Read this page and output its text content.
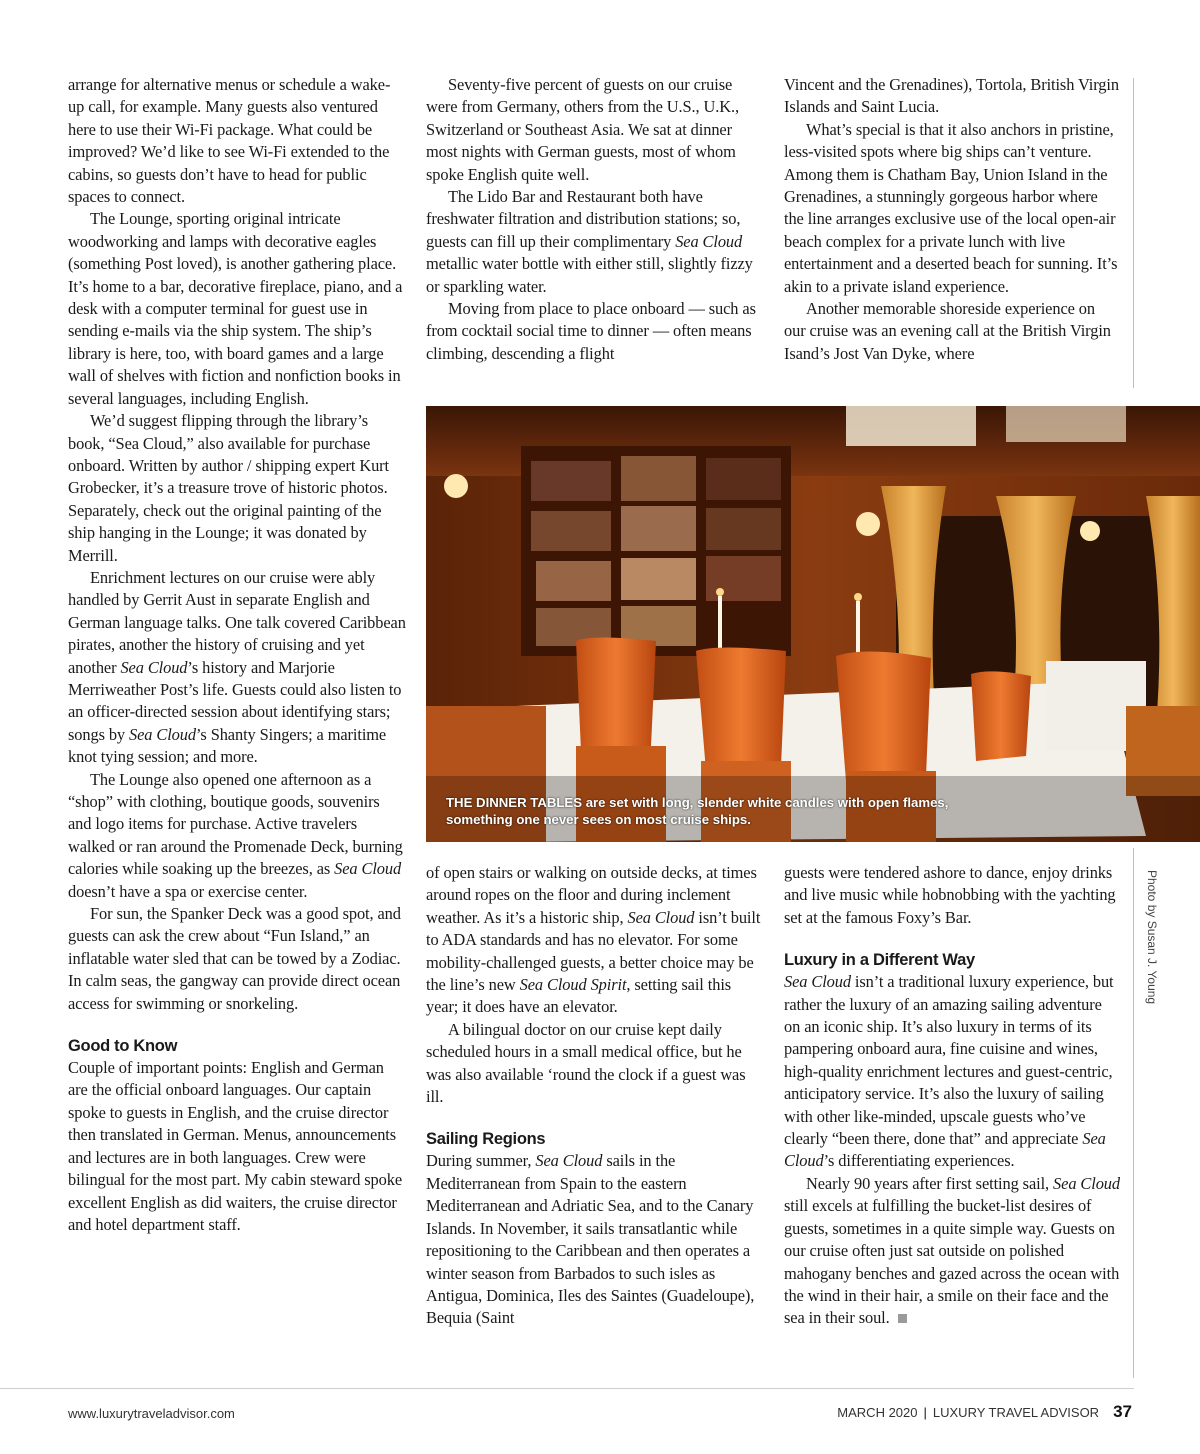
arrange for alternative menus or schedule a wake-up call, for example. Many guests also ventured here to use their Wi-Fi package. What could be improved? We’d like to see Wi-Fi extended to the cabins, so guests don’t have to head for public spaces to connect.

The Lounge, sporting original intricate woodworking and lamps with decorative eagles (something Post loved), is another gathering place. It’s home to a bar, decorative fireplace, piano, and a desk with a computer terminal for guest use in sending e-mails via the ship system. The ship’s library is here, too, with board games and a large wall of shelves with fiction and nonfiction books in several languages, including English.

We’d suggest flipping through the library’s book, “Sea Cloud,” also available for purchase onboard. Written by author / shipping expert Kurt Grobecker, it’s a treasure trove of historic photos. Separately, check out the original painting of the ship hanging in the Lounge; it was donated by Merrill.

Enrichment lectures on our cruise were ably handled by Gerrit Aust in separate English and German language talks. One talk covered Caribbean pirates, another the history of cruising and yet another Sea Cloud’s history and Marjorie Merriweather Post’s life. Guests could also listen to an officer-directed session about identifying stars; songs by Sea Cloud’s Shanty Singers; a maritime knot tying session; and more.

The Lounge also opened one afternoon as a “shop” with clothing, boutique goods, souvenirs and logo items for purchase. Active travelers walked or ran around the Promenade Deck, burning calories while soaking up the breezes, as Sea Cloud doesn’t have a spa or exercise center.

For sun, the Spanker Deck was a good spot, and guests can ask the crew about “Fun Island,” an inflatable water sled that can be towed by a Zodiac. In calm seas, the gangway can provide direct ocean access for swimming or snorkeling.

Good to Know

Couple of important points: English and German are the official onboard languages. Our captain spoke to guests in English, and the cruise director then translated in German. Menus, announcements and lectures are in both languages. Crew were bilingual for the most part. My cabin steward spoke excellent English as did waiters, the cruise director and hotel department staff.

Seventy-five percent of guests on our cruise were from Germany, others from the U.S., U.K., Switzerland or Southeast Asia. We sat at dinner most nights with German guests, most of whom spoke English quite well.

The Lido Bar and Restaurant both have freshwater filtration and distribution stations; so, guests can fill up their complimentary Sea Cloud metallic water bottle with either still, slightly fizzy or sparkling water.

Moving from place to place onboard — such as from cocktail social time to dinner — often means climbing, descending a flight

Vincent and the Grenadines), Tortola, British Virgin Islands and Saint Lucia.

What’s special is that it also anchors in pristine, less-visited spots where big ships can’t venture. Among them is Chatham Bay, Union Island in the Grenadines, a stunningly gorgeous harbor where the line arranges exclusive use of the local open-air beach complex for a private lunch with live entertainment and a deserted beach for sunning. It’s akin to a private island experience.

Another memorable shoreside experience on our cruise was an evening call at the British Virgin Isand’s Jost Van Dyke, where

THE DINNER TABLES are set with long, slender white candles with open flames, something one never sees on most cruise ships.

of open stairs or walking on outside decks, at times around ropes on the floor and during inclement weather. As it’s a historic ship, Sea Cloud isn’t built to ADA standards and has no elevator. For some mobility-challenged guests, a better choice may be the line’s new Sea Cloud Spirit, setting sail this year; it does have an elevator.

A bilingual doctor on our cruise kept daily scheduled hours in a small medical office, but he was also available ‘round the clock if a guest was ill.

Sailing Regions

During summer, Sea Cloud sails in the Mediterranean from Spain to the eastern Mediterranean and Adriatic Sea, and to the Canary Islands. In November, it sails transatlantic while repositioning to the Caribbean and then operates a winter season from Barbados to such isles as Antigua, Dominica, Iles des Saintes (Guadeloupe), Bequia (Saint

guests were tendered ashore to dance, enjoy drinks and live music while hobnobbing with the yachting set at the famous Foxy’s Bar.

Luxury in a Different Way

Sea Cloud isn’t a traditional luxury experience, but rather the luxury of an amazing sailing adventure on an iconic ship. It’s also luxury in terms of its pampering onboard aura, fine cuisine and wines, high-quality enrichment lectures and guest-centric, anticipatory service. It’s also the luxury of sailing with other like-minded, upscale guests who’ve clearly “been there, done that” and appreciate Sea Cloud’s differentiating experiences.

Nearly 90 years after first setting sail, Sea Cloud still excels at fulfilling the bucket-list desires of guests, sometimes in a quite simple way. Guests on our cruise often just sat outside on polished mahogany benches and gazed across the ocean with the wind in their hair, a smile on their face and the sea in their soul.

Photo by Susan J. Young
www.luxurytraveladvisor.com	MARCH 2020 | LUXURY TRAVEL ADVISOR 37
